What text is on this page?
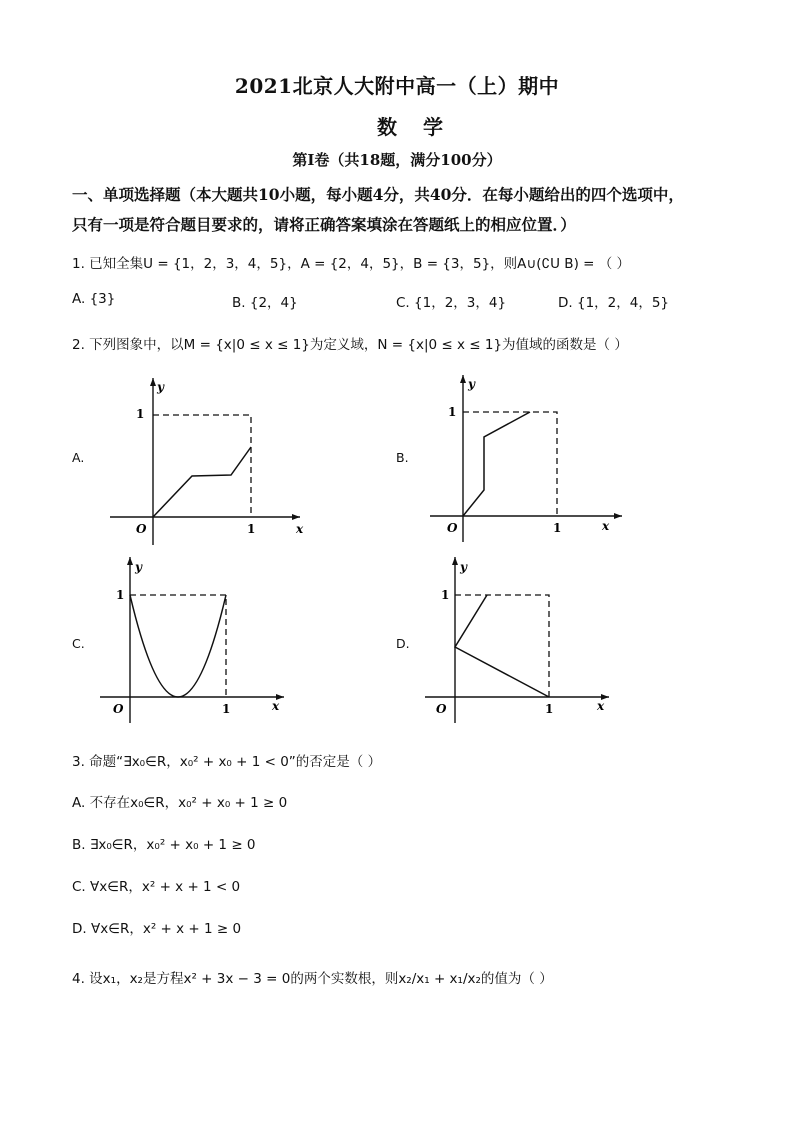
2021北京人大附中高一（上）期中
数学
第Ⅰ卷（共18题，满分100分）
一、单项选择题（本大题共10小题，每小题4分，共40分．在每小题给出的四个选项中，
只有一项是符合题目要求的，请将正确答案填涂在答题纸上的相应位置．）
1. 已知全集U = {1，2，3，4，5}，A = {2，4，5}，B = {3，5}，则A∪(∁U B) = （ ）
A. {3}	B. {2，4}	C. {1，2，3，4}	D. {1，2，4，5}
2. 下列图象中，以M = {x|0 ≤ x ≤ 1}为定义域，N = {x|0 ≤ x ≤ 1}为值域的函数是（ ）
A.	B.
C.	D.
y
1
O	1	x
y
1
O	1	x
y
1
O	1	x
y
1
O	1	x
3. 命题“∃x₀∈R，x₀² + x₀ + 1 < 0”的否定是（ ）
A. 不存在x₀∈R，x₀² + x₀ + 1 ≥ 0
B. ∃x₀∈R，x₀² + x₀ + 1 ≥ 0
C. ∀x∈R，x² + x + 1 < 0
D. ∀x∈R，x² + x + 1 ≥ 0
4. 设x₁，x₂是方程x² + 3x − 3 = 0的两个实数根，则x₂/x₁ + x₁/x₂的值为（ ）
